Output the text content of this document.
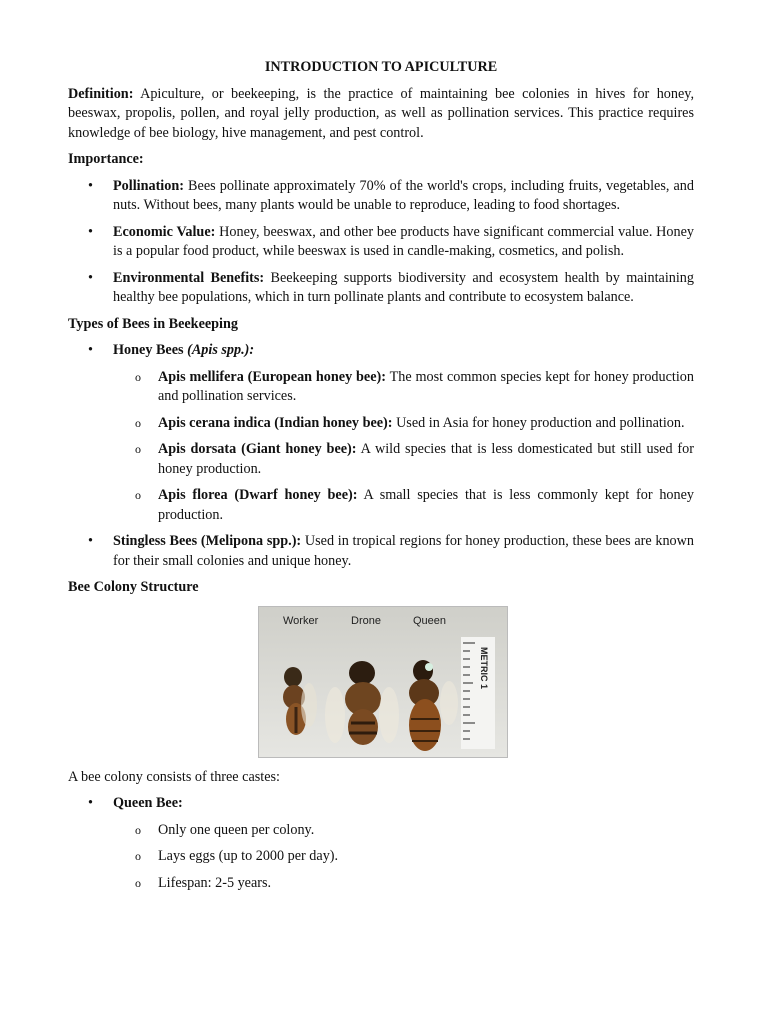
INTRODUCTION TO APICULTURE

Definition: Apiculture, or beekeeping, is the practice of maintaining bee colonies in hives for honey, beeswax, propolis, pollen, and royal jelly production, as well as pollination services. This practice requires knowledge of bee biology, hive management, and pest control.

Importance:
• Pollination: Bees pollinate approximately 70% of the world's crops, including fruits, vegetables, and nuts. Without bees, many plants would be unable to reproduce, leading to food shortages.
• Economic Value: Honey, beeswax, and other bee products have significant commercial value. Honey is a popular food product, while beeswax is used in candle-making, cosmetics, and polish.
• Environmental Benefits: Beekeeping supports biodiversity and ecosystem health by maintaining healthy bee populations, which in turn pollinate plants and contribute to ecosystem balance.
Types of Bees in Beekeeping
• Honey Bees (Apis spp.):
o Apis mellifera (European honey bee): The most common species kept for honey production and pollination services.
o Apis cerana indica (Indian honey bee): Used in Asia for honey production and pollination.
o Apis dorsata (Giant honey bee): A wild species that is less domesticated but still used for honey production.
o Apis florea (Dwarf honey bee): A small species that is less commonly kept for honey production.
• Stingless Bees (Melipona spp.): Used in tropical regions for honey production, these bees are known for their small colonies and unique honey.
Bee Colony Structure
Worker	Drone	Queen
METRIC 1

A bee colony consists of three castes:

• Queen Bee:
o Only one queen per colony.
o Lays eggs (up to 2000 per day).
o Lifespan: 2-5 years.
